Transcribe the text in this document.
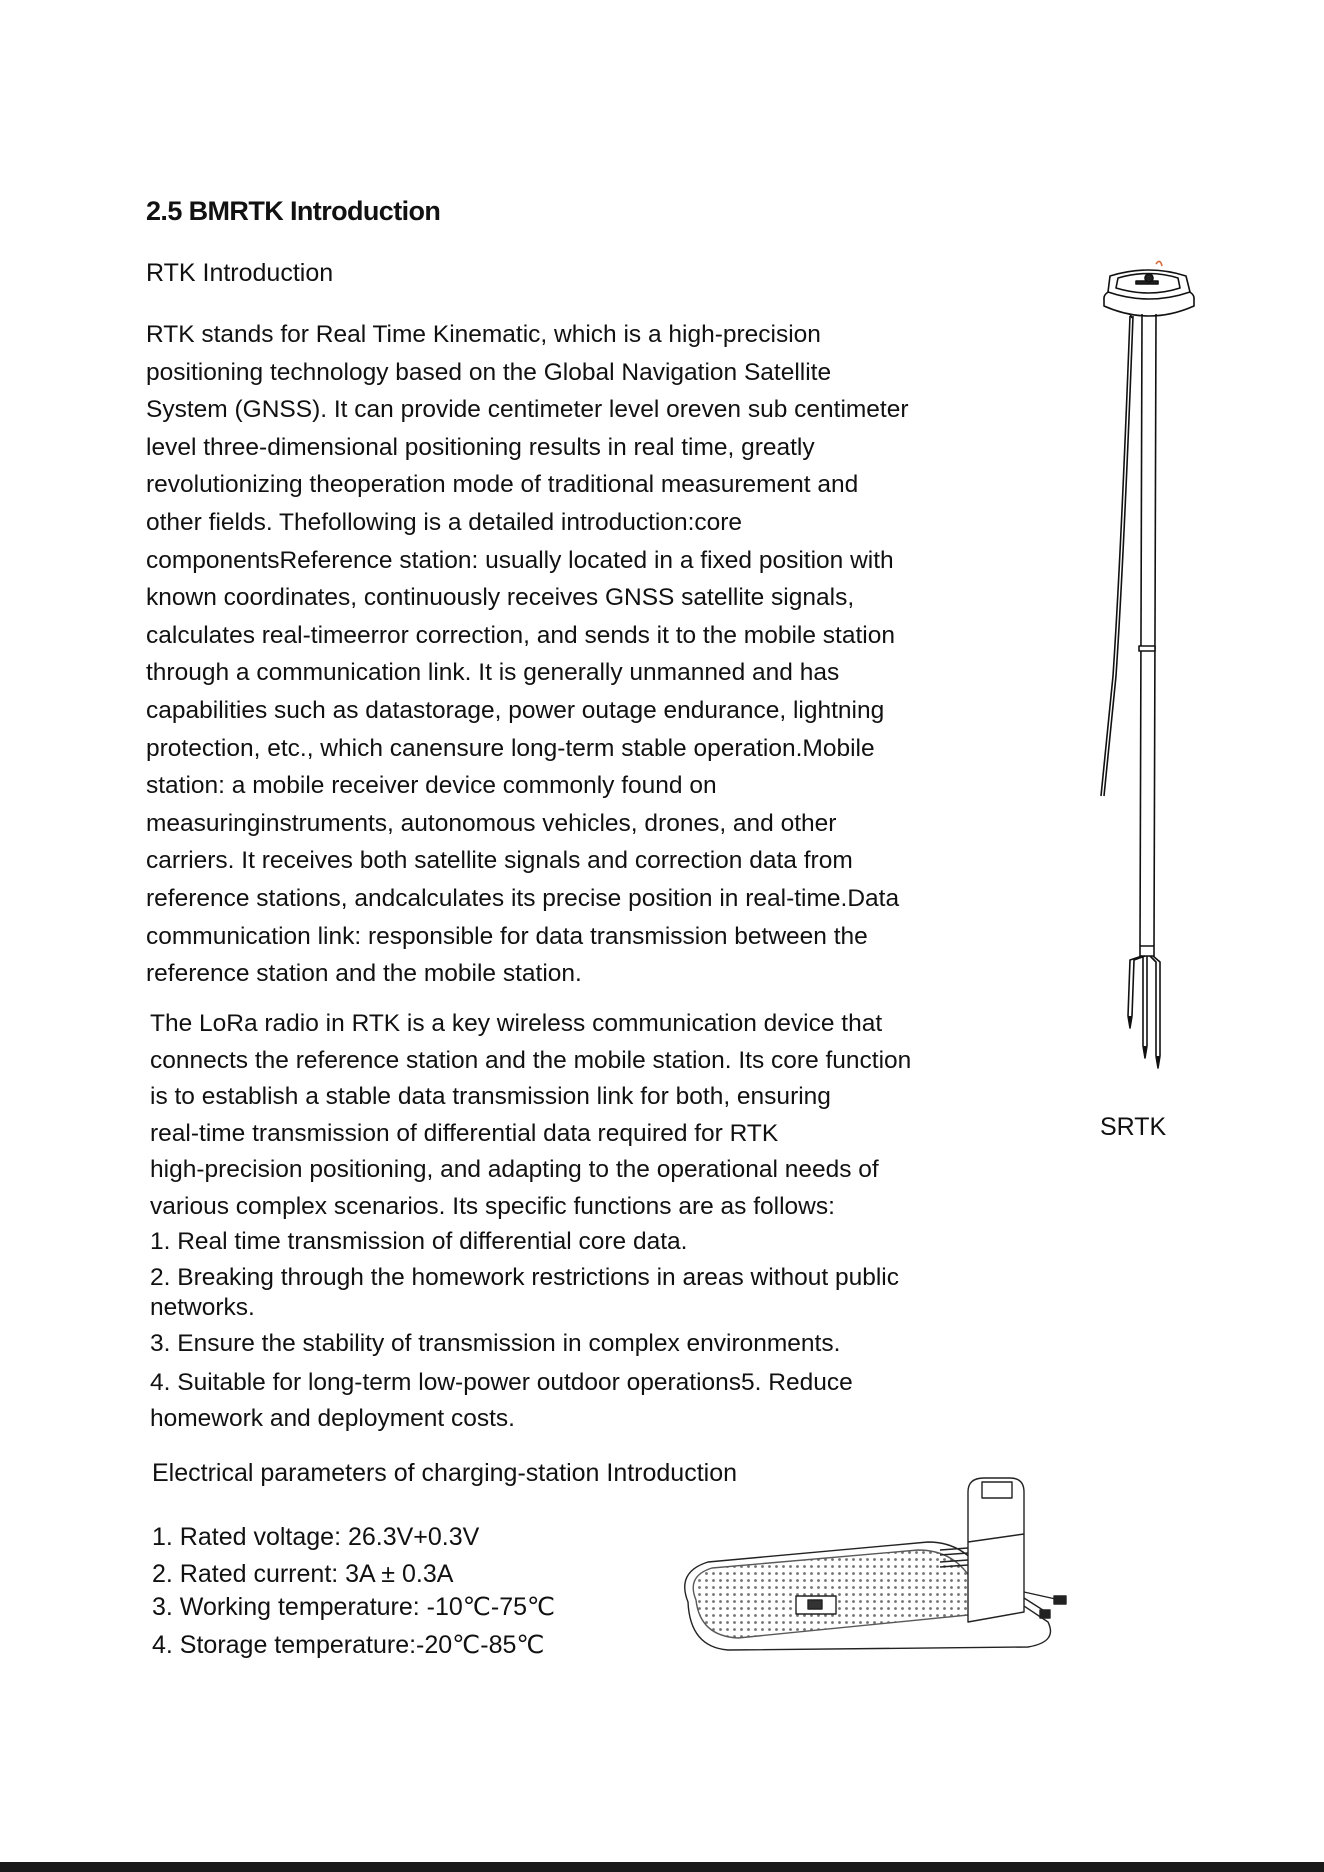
2.5 BMRTK Introduction
RTK Introduction
RTK stands for Real Time Kinematic, which is a high-precision
positioning technology based on the Global Navigation Satellite
System (GNSS). It can provide centimeter level oreven sub centimeter
level three-dimensional positioning results in real time, greatly
revolutionizing theoperation mode of traditional measurement and
other fields. Thefollowing is a detailed introduction:core
componentsReference station: usually located in a fixed position with
known coordinates, continuously receives GNSS satellite signals,
calculates real-timeerror correction, and sends it to the mobile station
through a communication link. It is generally unmanned and has
capabilities such as datastorage, power outage endurance, lightning
protection, etc., which canensure long-term stable operation.Mobile
station: a mobile receiver device commonly found on
measuringinstruments, autonomous vehicles, drones, and other
carriers. It receives both satellite signals and correction data from
reference stations, andcalculates its precise position in real-time.Data
communication link: responsible for data transmission between the
reference station and the mobile station.
The LoRa radio in RTK is a key wireless communication device that
connects the reference station and the mobile station. Its core function
is to establish a stable data transmission link for both, ensuring
real-time transmission of differential data required for RTK
high-precision positioning, and adapting to the operational needs of
various complex scenarios. Its specific functions are as follows:
1. Real time transmission of differential core data.
2. Breaking through the homework restrictions in areas without public
networks.
3. Ensure the stability of transmission in complex environments.
4. Suitable for long-term low-power outdoor operations5. Reduce
homework and deployment costs.
Electrical parameters of charging-station Introduction
1. Rated voltage: 26.3V+0.3V
2. Rated current: 3A ± 0.3A
3. Working temperature: -10℃-75℃
4. Storage temperature:-20℃-85℃
SRTK
